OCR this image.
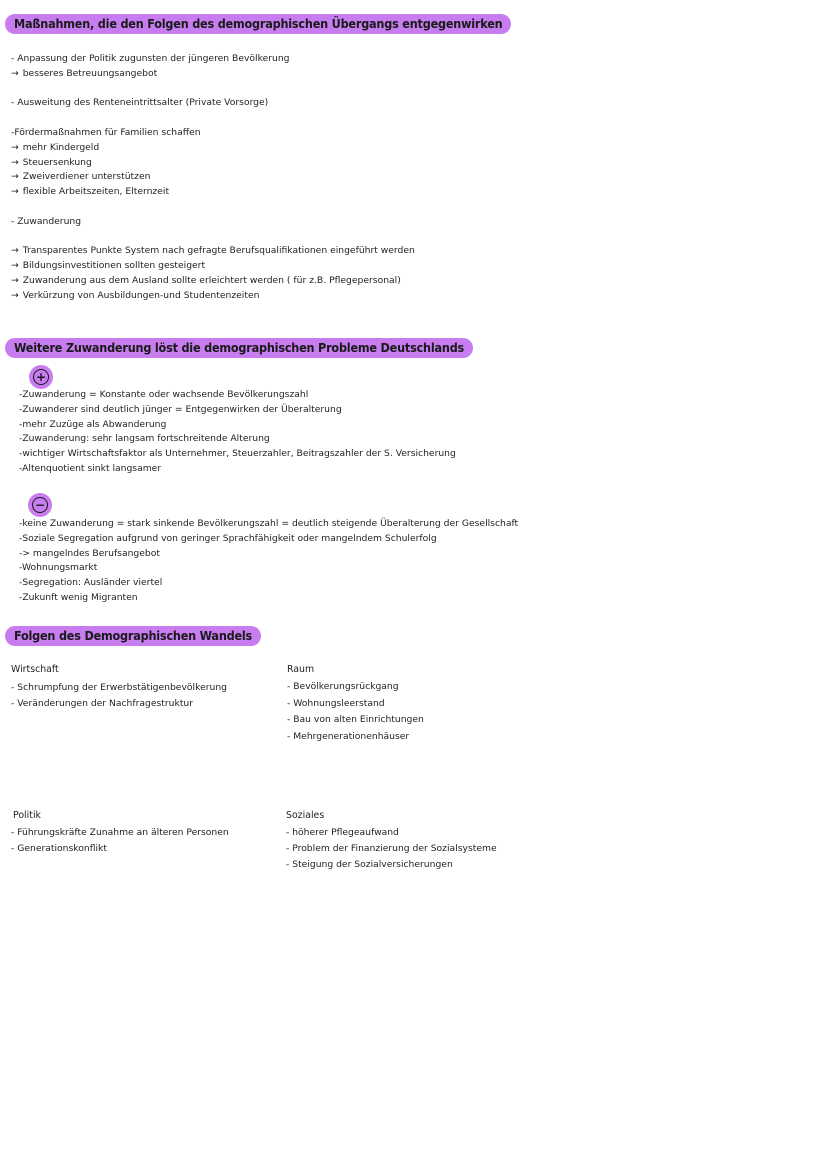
Maßnahmen, die den Folgen des demographischen Übergangs entgegenwirken
- Anpassung der Politik zugunsten der jüngeren Bevölkerung
→ besseres Betreuungsangebot
- Ausweitung des Renteneintrittsalter (Private Vorsorge)
-Fördermaßnahmen für Familien schaffen
→ mehr Kindergeld
→ Steuersenkung
→ Zweiverdiener unterstützen
→ flexible Arbeitszeiten, Elternzeit
- Zuwanderung
→ Transparentes Punkte System nach gefragte Berufsqualifikationen eingeführt werden
→ Bildungsinvestitionen sollten gesteigert
→ Zuwanderung aus dem Ausland sollte erleichtert werden ( für z.B. Pflegepersonal)
→ Verkürzung von Ausbildungen-und Studentenzeiten
Weitere Zuwanderung löst die demographischen Probleme Deutschlands
+
-Zuwanderung = Konstante oder wachsende Bevölkerungszahl
-Zuwanderer sind deutlich jünger = Entgegenwirken der Überalterung
-mehr Zuzüge als Abwanderung
-Zuwanderung: sehr langsam fortschreitende Alterung
-wichtiger Wirtschaftsfaktor als Unternehmer, Steuerzahler, Beitragszahler der S. Versicherung
-Altenquotient sinkt langsamer
−
-keine Zuwanderung = stark sinkende Bevölkerungszahl = deutlich steigende Überalterung der Gesellschaft
-Soziale Segregation aufgrund von geringer Sprachfähigkeit oder mangelndem Schulerfolg
-> mangelndes Berufsangebot
-Wohnungsmarkt
-Segregation: Ausländer viertel
-Zukunft wenig Migranten
Folgen des Demographischen Wandels
Wirtschaft
- Schrumpfung der Erwerbstätigenbevölkerung
- Veränderungen der Nachfragestruktur
Raum
- Bevölkerungsrückgang
- Wohnungsleerstand
- Bau von alten Einrichtungen
- Mehrgenerationenhäuser
Politik
- Führungskräfte Zunahme an älteren Personen
- Generationskonflikt
Soziales
- höherer Pflegeaufwand
- Problem der Finanzierung der Sozialsysteme
- Steigung der Sozialversicherungen
